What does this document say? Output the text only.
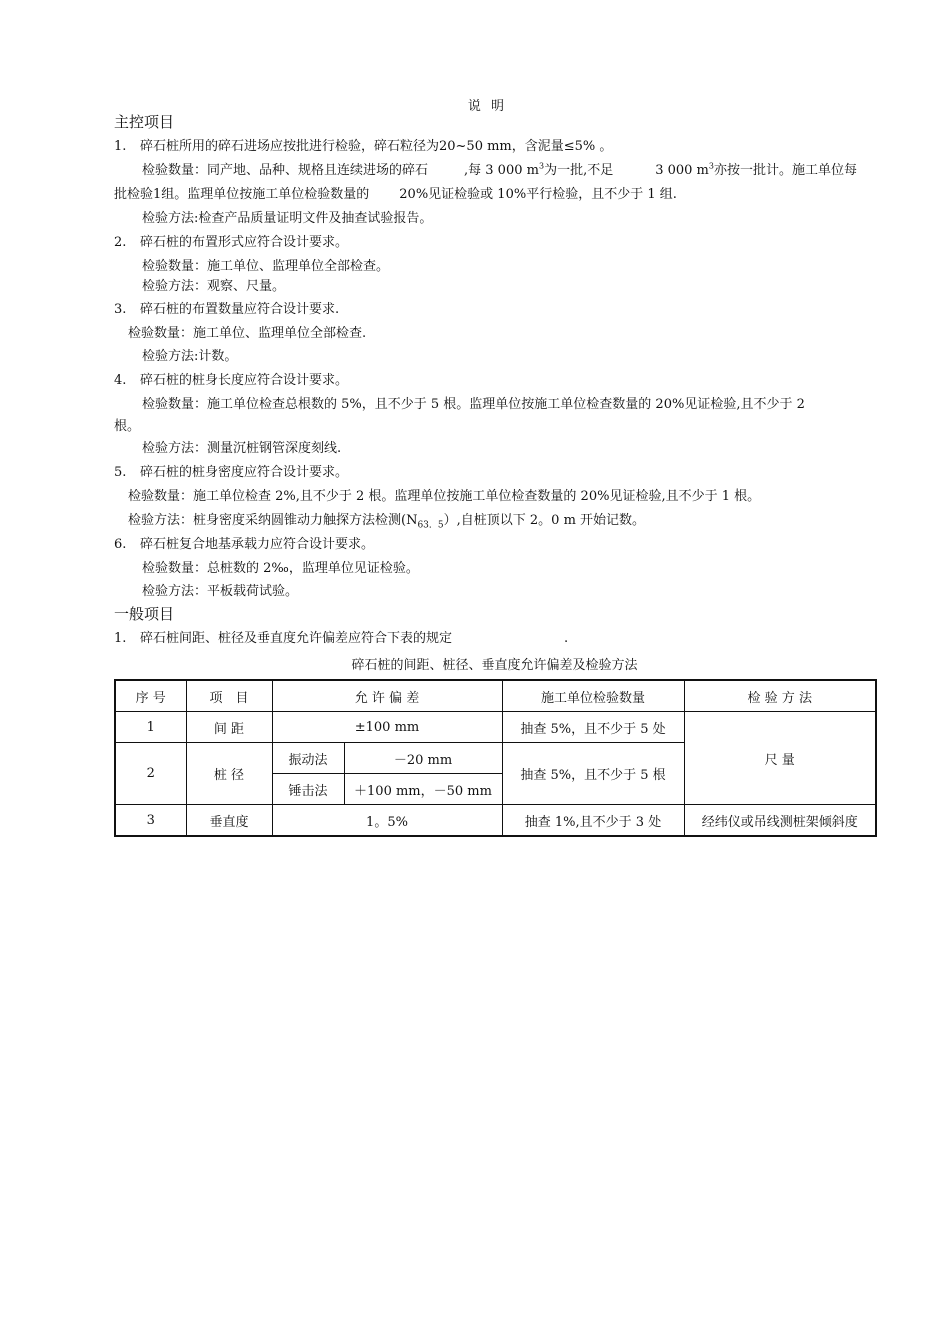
说 明
主控项目
1. 碎石桩所用的碎石进场应按批进行检验，碎石粒径为20~50 mm，含泥量≤5% 。
检验数量：同产地、品种、规格且连续进场的碎石	,每 3 000 $m^3$为一批,不足	3 000 $m^3$亦按一批计。施工单位每
批检验1组。监理单位按施工单位检验数量的 20%见证检验或 10%平行检验，且不少于 1 组.
检验方法:检查产品质量证明文件及抽查试验报告。
2. 碎石桩的布置形式应符合设计要求。
检验数量：施工单位、监理单位全部检查。
检验方法：观察、尺量。
3. 碎石桩的布置数量应符合设计要求.
检验数量：施工单位、监理单位全部检查.
检验方法:计数。
4. 碎石桩的桩身长度应符合设计要求。
检验数量：施工单位检查总根数的 5%，且不少于 5 根。监理单位按施工单位检查数量的 20%见证检验,且不少于 2
根。
检验方法：测量沉桩钢管深度刻线.
5. 碎石桩的桩身密度应符合设计要求。
检验数量：施工单位检查 2%,且不少于 2 根。监理单位按施工单位检查数量的 20%见证检验,且不少于 1 根。
检验方法：桩身密度采纳圆锥动力触探方法检测$(N_{63.5})$,自桩顶以下 2。0 m 开始记数。
6. 碎石桩复合地基承载力应符合设计要求。
检验数量：总桩数的 2‰，监理单位见证检验。
检验方法：平板载荷试验。
一般项目
1. 碎石桩间距、桩径及垂直度允许偏差应符合下表的规定	.
碎石桩的间距、桩径、垂直度允许偏差及检验方法
序 号	项　目	允 许 偏 差		施工单位检验数量	检 验 方 法
1	间 距	±100 mm		抽查 5%，且不少于 5 处	尺 量
2	桩 径	振动法	－20 mm	抽查 5%，且不少于 5 根	
		锤击法	＋100 mm，－50 mm		
3	垂直度	1。5%		抽查 1%,且不少于 3 处	经纬仪或吊线测桩架倾斜度
